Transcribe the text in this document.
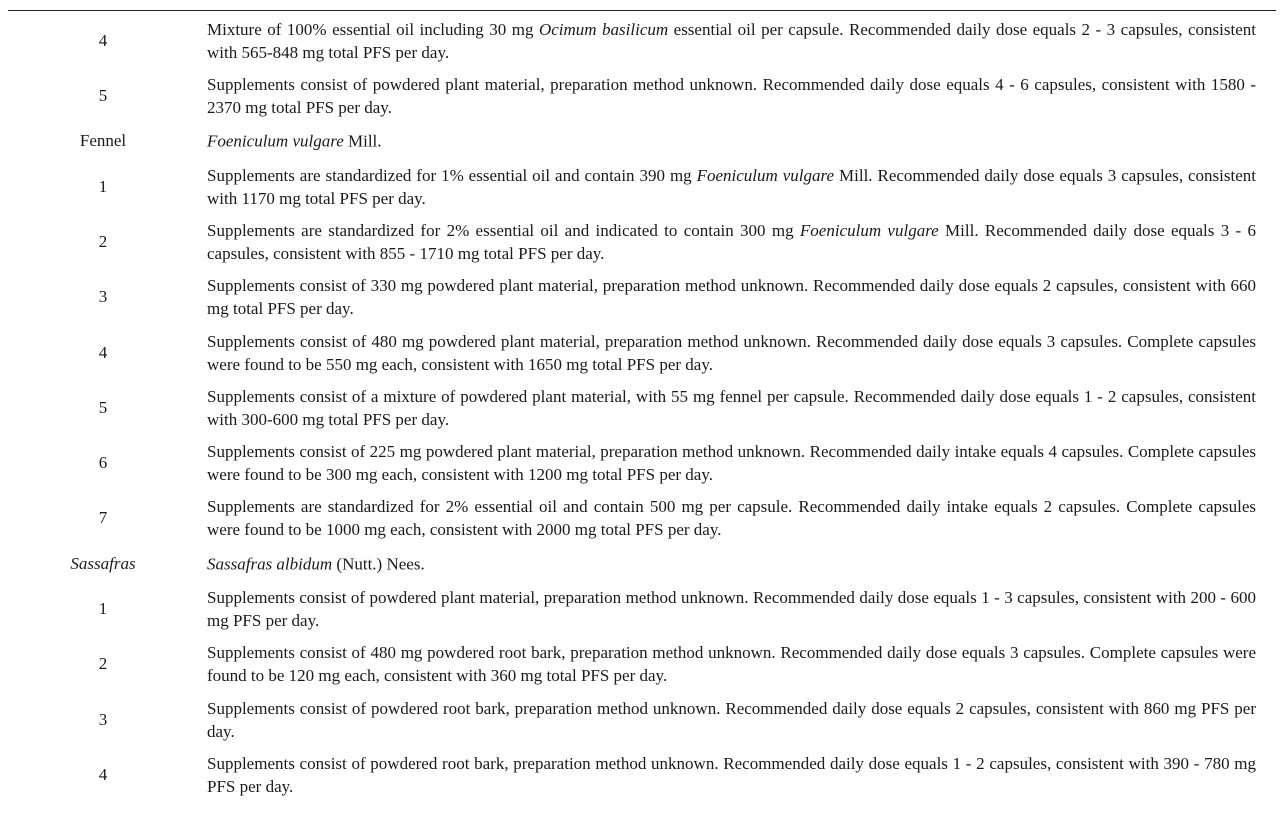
4
Mixture of 100% essential oil including 30 mg Ocimum basilicum essential oil per capsule. Recommended daily dose equals 2 - 3 capsules, consistent with 565-848 mg total PFS per day.
5
Supplements consist of powdered plant material, preparation method unknown. Recommended daily dose equals 4 - 6 capsules, consistent with 1580 - 2370 mg total PFS per day.
Fennel	Foeniculum vulgare Mill.
1
Supplements are standardized for 1% essential oil and contain 390 mg Foeniculum vulgare Mill. Recommended daily dose equals 3 capsules, consistent with 1170 mg total PFS per day.
2
Supplements are standardized for 2% essential oil and indicated to contain 300 mg Foeniculum vulgare Mill. Recommended daily dose equals 3 - 6 capsules, consistent with 855 - 1710 mg total PFS per day.
3
Supplements consist of 330 mg powdered plant material, preparation method unknown. Recommended daily dose equals 2 capsules, consistent with 660 mg total PFS per day.
4
Supplements consist of 480 mg powdered plant material, preparation method unknown. Recommended daily dose equals 3 capsules. Complete capsules were found to be 550 mg each, consistent with 1650 mg total PFS per day.
5
Supplements consist of a mixture of powdered plant material, with 55 mg fennel per capsule. Recommended daily dose equals 1 - 2 capsules, consistent with 300-600 mg total PFS per day.
6
Supplements consist of 225 mg powdered plant material, preparation method unknown. Recommended daily intake equals 4 capsules. Complete capsules were found to be 300 mg each, consistent with 1200 mg total PFS per day.
7
Supplements are standardized for 2% essential oil and contain 500 mg per capsule. Recommended daily intake equals 2 capsules. Complete capsules were found to be 1000 mg each, consistent with 2000 mg total PFS per day.
Sassafras	Sassafras albidum (Nutt.) Nees.
1
Supplements consist of powdered plant material, preparation method unknown. Recommended daily dose equals 1 - 3 capsules, consistent with 200 - 600 mg PFS per day.
2
Supplements consist of 480 mg powdered root bark, preparation method unknown. Recommended daily dose equals 3 capsules. Complete capsules were found to be 120 mg each, consistent with 360 mg total PFS per day.
3
Supplements consist of powdered root bark, preparation method unknown. Recommended daily dose equals 2 capsules, consistent with 860 mg PFS per day.
4
Supplements consist of powdered root bark, preparation method unknown. Recommended daily dose equals 1 - 2 capsules, consistent with 390 - 780 mg PFS per day.
